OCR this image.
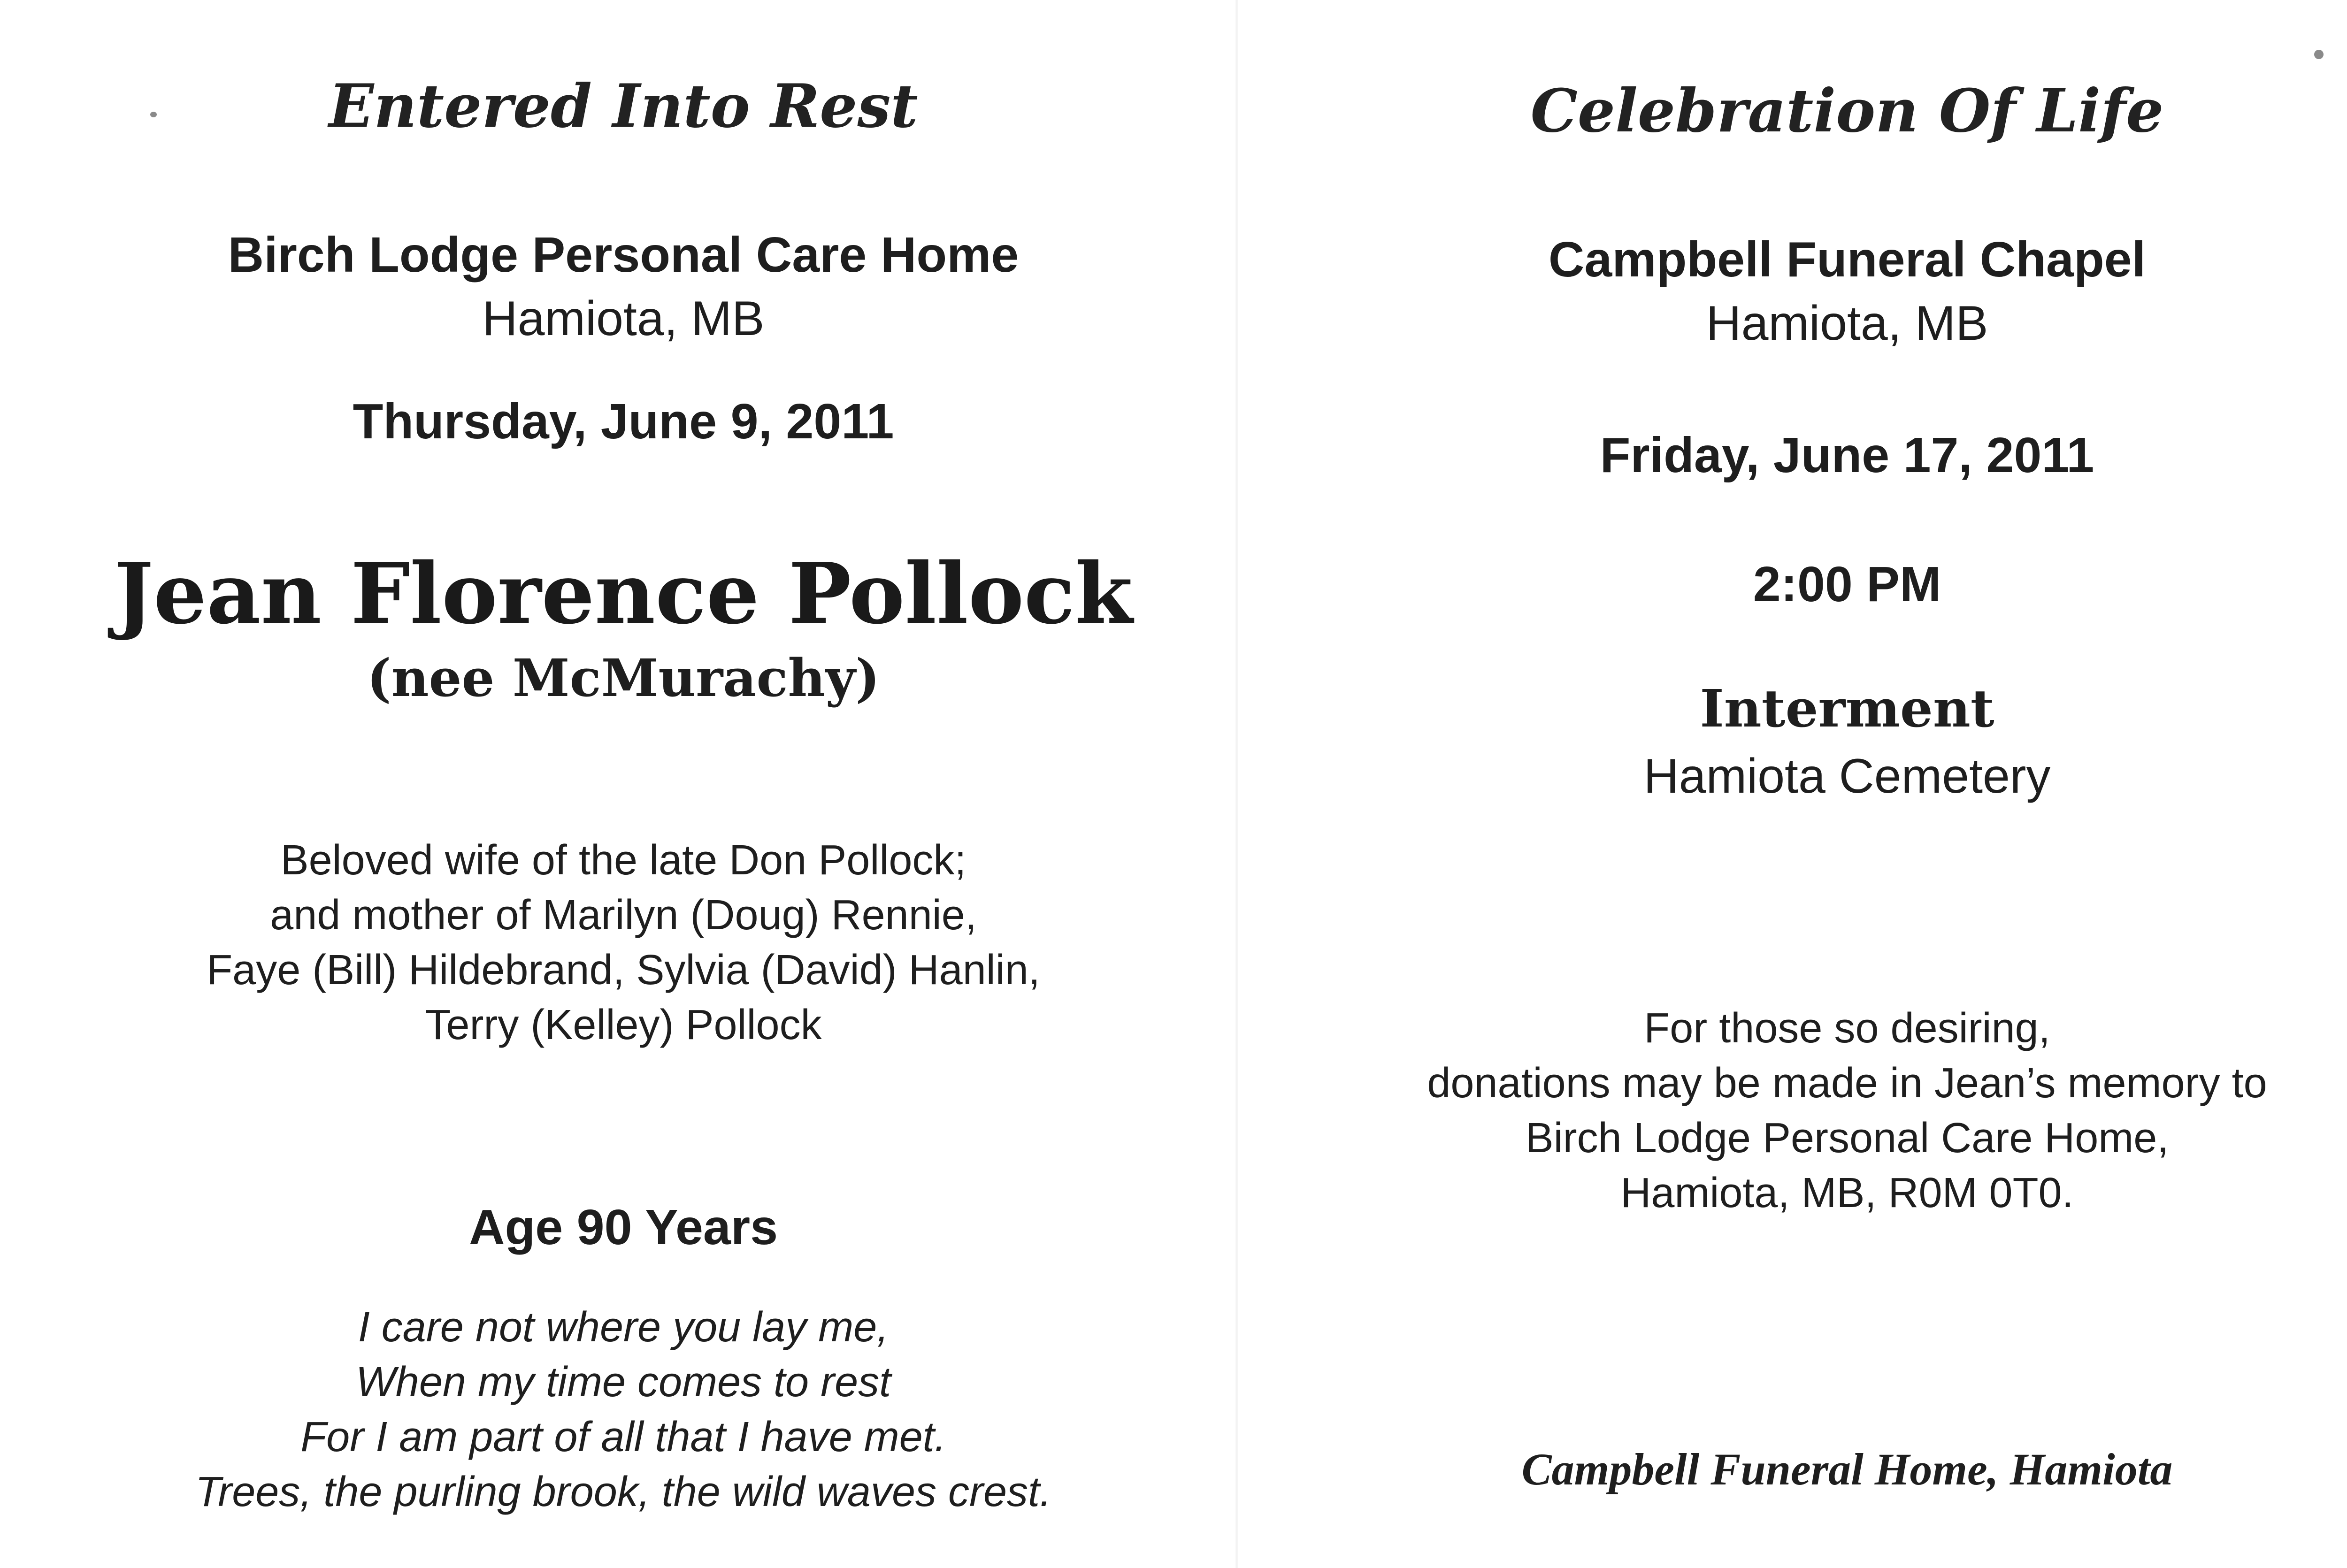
Entered Into Rest
Birch Lodge Personal Care Home
Hamiota, MB
Thursday, June 9, 2011
Jean Florence Pollock
(nee McMurachy)
Beloved wife of the late Don Pollock;
and mother of Marilyn (Doug) Rennie,
Faye (Bill) Hildebrand, Sylvia (David) Hanlin,
Terry (Kelley) Pollock
Age 90 Years
I care not where you lay me,
When my time comes to rest
For I am part of all that I have met.
Trees, the purling brook, the wild waves crest.
Celebration Of Life
Campbell Funeral Chapel
Hamiota, MB
Friday, June 17, 2011
2:00 PM
Interment
Hamiota Cemetery
For those so desiring,
donations may be made in Jean’s memory to
Birch Lodge Personal Care Home,
Hamiota, MB, R0M 0T0.
Campbell Funeral Home, Hamiota
